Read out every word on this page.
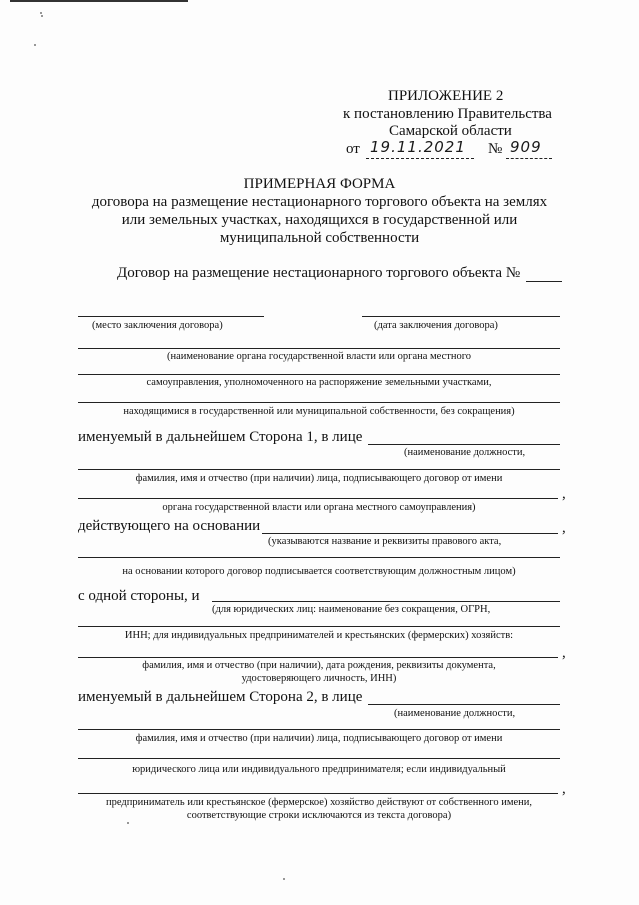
ПРИЛОЖЕНИЕ 2
к постановлению Правительства
Самарской области
от 19.11.2021 № 909
ПРИМЕРНАЯ ФОРМА
договора на размещение нестационарного торгового объекта на землях
или земельных участках, находящихся в государственной или
муниципальной собственности
Договор на размещение нестационарного торгового объекта №
(место заключения договора)	(дата заключения договора)
(наименование органа государственной власти или органа местного
самоуправления, уполномоченного на распоряжение земельными участками,
находящимися в государственной или муниципальной собственности, без сокращения)
именуемый в дальнейшем Сторона 1, в лице
(наименование должности,
фамилия, имя и отчество (при наличии) лица, подписывающего договор от имени
,
органа государственной власти или органа местного самоуправления)
действующего на основании	,
(указываются название и реквизиты правового акта,
на основании которого договор подписывается соответствующим должностным лицом)
с одной стороны, и
(для юридических лиц: наименование без сокращения, ОГРН,
ИНН; для индивидуальных предпринимателей и крестьянских (фермерских) хозяйств:
,
фамилия, имя и отчество (при наличии), дата рождения, реквизиты документа,
удостоверяющего личность, ИНН)
именуемый в дальнейшем Сторона 2, в лице
(наименование должности,
фамилия, имя и отчество (при наличии) лица, подписывающего договор от имени
юридического лица или индивидуального предпринимателя; если индивидуальный
,
предприниматель или крестьянское (фермерское) хозяйство действуют от собственного имени,
соответствующие строки исключаются из текста договора)
